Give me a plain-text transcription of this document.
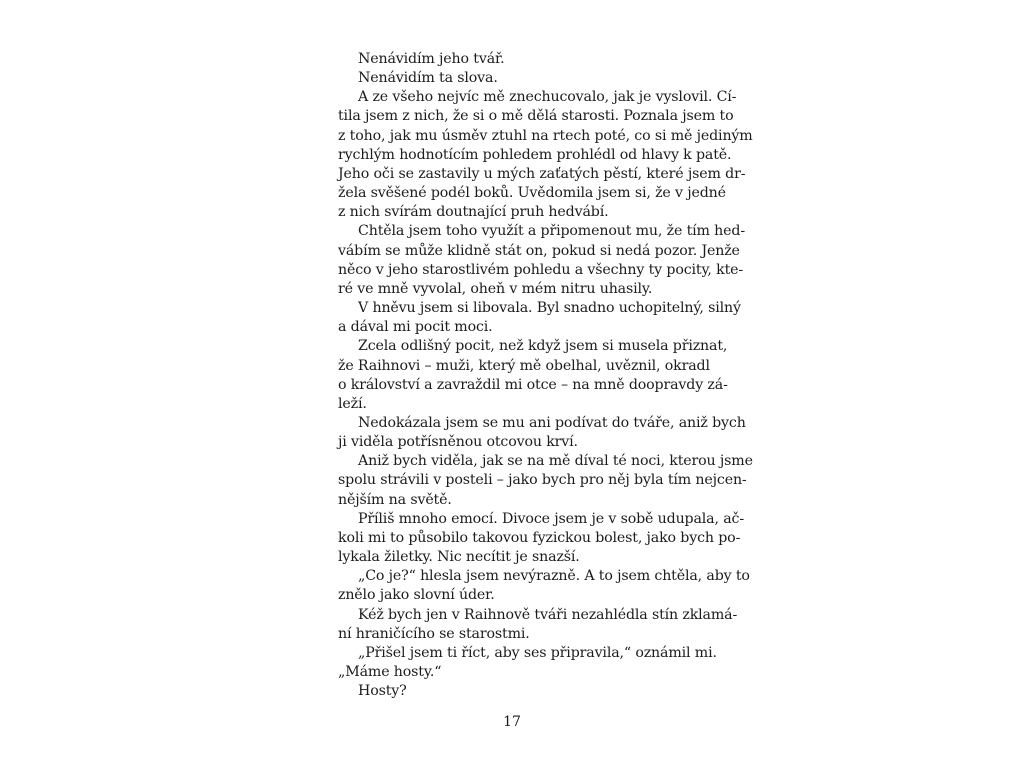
Nenávidím jeho tvář.
Nenávidím ta slova.
A ze všeho nejvíc mě znechucovalo, jak je vyslovil. Cí-
tila jsem z nich, že si o mě dělá starosti. Poznala jsem to
z toho, jak mu úsměv ztuhl na rtech poté, co si mě jediným
rychlým hodnotícím pohledem prohlédl od hlavy k patě.
Jeho oči se zastavily u mých zaťatých pěstí, které jsem dr-
žela svěšené podél boků. Uvědomila jsem si, že v jedné
z nich svírám doutnající pruh hedvábí.
Chtěla jsem toho využít a připomenout mu, že tím hed-
vábím se může klidně stát on, pokud si nedá pozor. Jenže
něco v jeho starostlivém pohledu a všechny ty pocity, kte-
ré ve mně vyvolal, oheň v mém nitru uhasily.
V hněvu jsem si libovala. Byl snadno uchopitelný, silný
a dával mi pocit moci.
Zcela odlišný pocit, než když jsem si musela přiznat,
že Raihnovi – muži, který mě obelhal, uvěznil, okradl
o království a zavraždil mi otce – na mně doopravdy zá-
leží.
Nedokázala jsem se mu ani podívat do tváře, aniž bych
ji viděla potřísněnou otcovou krví.
Aniž bych viděla, jak se na mě díval té noci, kterou jsme
spolu strávili v posteli – jako bych pro něj byla tím nejcen-
nějším na světě.
Příliš mnoho emocí. Divoce jsem je v sobě udupala, ač-
koli mi to působilo takovou fyzickou bolest, jako bych po-
lykala žiletky. Nic necítit je snazší.
„Co je?“ hlesla jsem nevýrazně. A to jsem chtěla, aby to
znělo jako slovní úder.
Kéž bych jen v Raihnově tváři nezahlédla stín zklamá-
ní hraničícího se starostmi.
„Přišel jsem ti říct, aby ses připravila,“ oznámil mi.
„Máme hosty.“
Hosty?
17
